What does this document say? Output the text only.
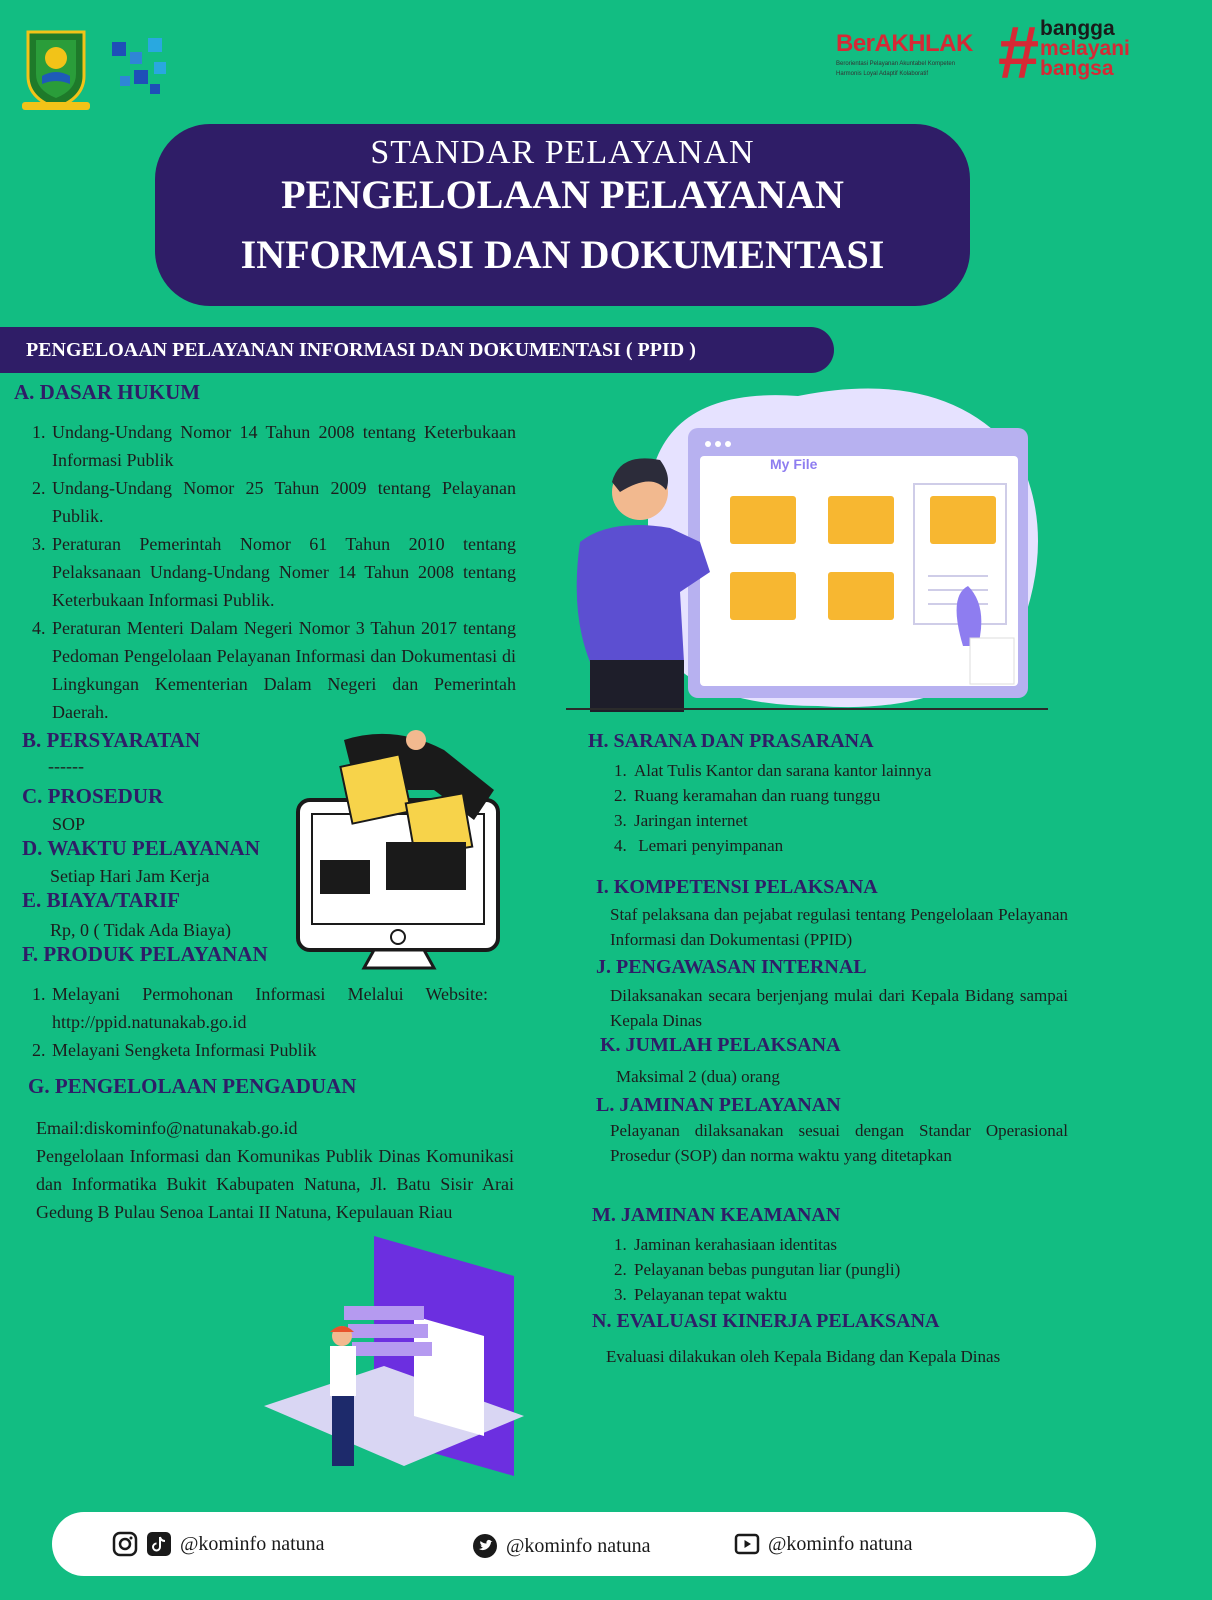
BerAKHLAK
Berorientasi Pelayanan Akuntabel Kompeten
Harmonis Loyal Adaptif Kolaboratif # bangga
melayani
bangsa
STANDAR PELAYANAN
PENGELOLAAN PELAYANAN
INFORMASI DAN DOKUMENTASI
PENGELOAAN PELAYANAN INFORMASI DAN DOKUMENTASI ( PPID )
My File
A. DASAR HUKUM
1. Undang-Undang Nomor 14 Tahun 2008 tentang Keterbukaan Informasi Publik
2. Undang-Undang Nomor 25 Tahun 2009 tentang Pelayanan Publik.
3. Peraturan Pemerintah Nomor 61 Tahun 2010 tentang Pelaksanaan Undang-Undang Nomer 14 Tahun 2008 tentang Keterbukaan Informasi Publik.
4. Peraturan Menteri Dalam Negeri Nomor 3 Tahun 2017 tentang Pedoman Pengelolaan Pelayanan Informasi dan Dokumentasi di Lingkungan Kementerian Dalam Negeri dan Pemerintah Daerah.
B. PERSYARATAN
------
C. PROSEDUR
SOP
D. WAKTU PELAYANAN
Setiap Hari Jam Kerja
E. BIAYA/TARIF
Rp, 0 ( Tidak Ada Biaya)
F. PRODUK PELAYANAN
1. Melayani Permohonan Informasi Melalui Website: http://ppid.natunakab.go.id
2. Melayani Sengketa Informasi Publik
G. PENGELOLAAN PENGADUAN
Email:diskominfo@natunakab.go.id
Pengelolaan Informasi dan Komunikas Publik Dinas Komunikasi dan Informatika Bukit Kabupaten Natuna, Jl. Batu Sisir Arai Gedung B Pulau Senoa Lantai II Natuna, Kepulauan Riau
H. SARANA DAN PRASARANA
1. Alat Tulis Kantor dan sarana kantor lainnya
2. Ruang keramahan dan ruang tunggu
3. Jaringan internet
4. Lemari penyimpanan
I. KOMPETENSI PELAKSANA
Staf pelaksana dan pejabat regulasi tentang Pengelolaan Pelayanan Informasi dan Dokumentasi (PPID)
J. PENGAWASAN INTERNAL
Dilaksanakan secara berjenjang mulai dari Kepala Bidang sampai Kepala Dinas
K. JUMLAH PELAKSANA
Maksimal 2 (dua) orang
L. JAMINAN PELAYANAN
Pelayanan dilaksanakan sesuai dengan Standar Operasional Prosedur (SOP) dan norma waktu yang ditetapkan
M. JAMINAN KEAMANAN
1. Jaminan kerahasiaan identitas
2. Pelayanan bebas pungutan liar (pungli)
3. Pelayanan tepat waktu
N. EVALUASI KINERJA PELAKSANA
Evaluasi dilakukan oleh Kepala Bidang dan Kepala Dinas
@kominfo natuna	@kominfo natuna	@kominfo natuna
